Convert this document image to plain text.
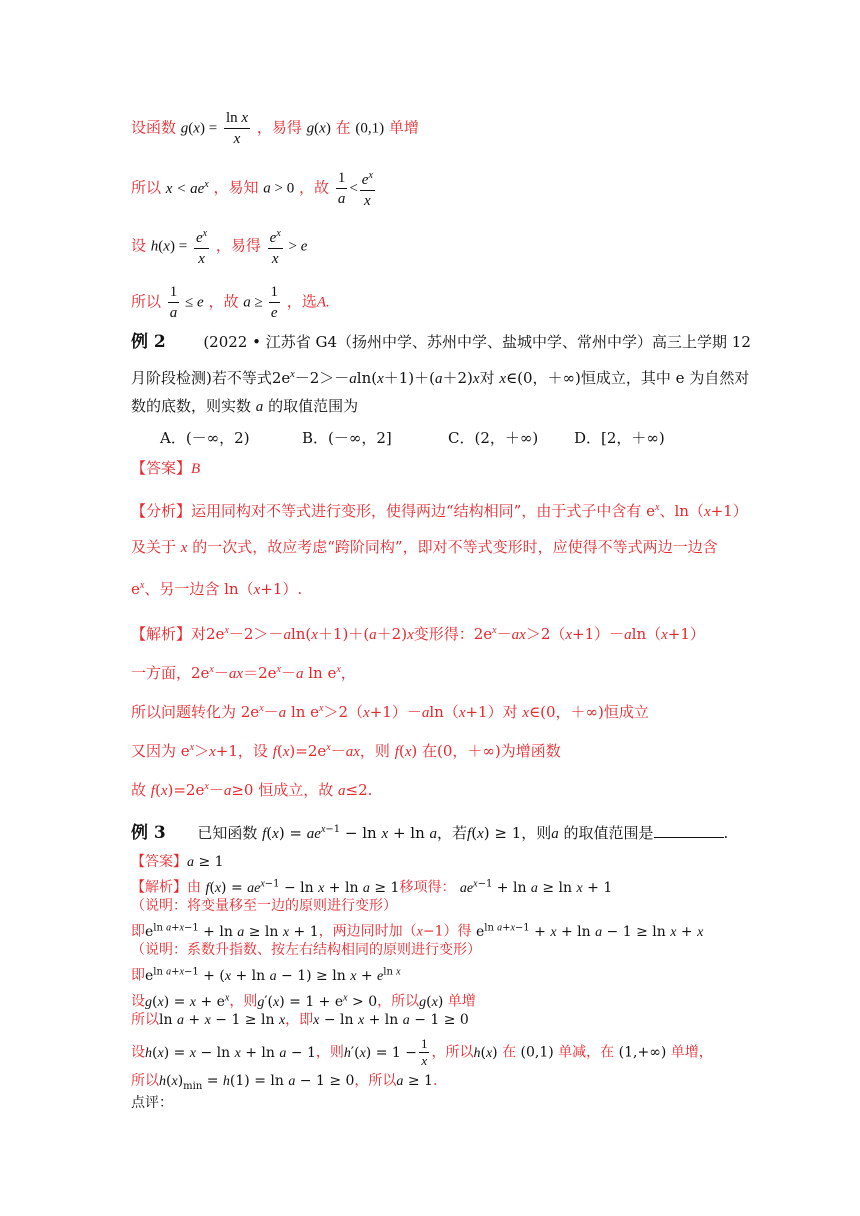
设函数 $g(x) = \frac{\text{ln x}}{x}$ ，易得 g(x) 在 (0,1) 单增
所以 $x < ae^x$ ，易知 a > 0 ，故 $\frac{1}{a} < \frac{e^x}{x}$
设 $h(x) = \frac{e^x}{x}$ ，易得 $\frac{e^x}{x} > e$
所以 $\frac{1}{a} \le e$ ，故 $a \ge \frac{1}{e}$ ，选A.
例 2	(2022 • 江苏省 G4（扬州中学、苏州中学、盐城中学、常州中学）高三上学期 12
月阶段检测)若不等式$2e^x-2>-aln(x+1)+(a+2)x$对 x∈(0，＋∞)恒成立，其中 e 为自然对
数的底数，则实数 a 的取值范围为
A．(－∞，2)	B．(－∞，2]	C．(2，＋∞) D．[2，＋∞)
【答案】B
【分析】运用同构对不等式进行变形，使得两边“结构相同”，由于式子中含有 $e^x$、ln（x+1）
及关于 x 的一次式，故应考虑“跨阶同构”，即对不等式变形时，应使得不等式两边一边含
$e^x$、另一边含 ln（x+1）.
【解析】对$2e^x-2>-aln(x+1)+(a+2)x$变形得：$2e^x-ax>2(x+1)-aln(x+1)$
一方面，$2e^x-ax=2e^x-a$ $\ln e^x$，
所以问题转化为 $2e^x-a$ $\ln e^x>2(x+1)-aln(x+1)$对 x∈(0，＋∞)恒成立
又因为 $e^x>x+1$，设 $f(x)=2e^x-ax$，则 f(x) 在(0，＋∞)为增函数
故 $f(x)=2e^x-a\ge 0$ 恒成立，故 a≤2.
例 3 已知函数 $f(x) = ae^{x-1} - \ln x + \ln a$，若f(x) ≥ 1，则a 的取值范围是	.
【答案】a ≥ 1
【解析】由 $f(x) = ae^{x-1} - \ln x + \ln a \ge 1$移项得： $ae^{x-1} + \ln a \ge \ln x + 1$
（说明：将变量移至一边的原则进行变形）
即$e^{ln a+x-1} + \ln a \ge \ln x + 1$，两边同时加（x−1）得 $e^{ln a+x-1} + x + \ln a - 1 \ge \ln x + x$
（说明：系数升指数、按左右结构相同的原则进行变形）
即$e^{ln a+x-1} + (x + \ln a - 1) \ge \ln x + e^{ln x}$
设$g(x) = x + e^x$，则$g'(x) = 1 + e^x > 0$，所以g(x) 单增
所以ln a + x − 1 ≥ ln x，即x − ln x + ln a − 1 ≥ 0
设h(x) = x − ln x + ln a − 1，则$h'(x) = 1 - \frac{1}{x}$ ，所以h(x) 在 (0,1) 单减，在 (1,+∞) 单增，
所以$h(x)_{min} = h(1) = \ln a - 1 \ge 0$，所以a ≥ 1.
点评：
